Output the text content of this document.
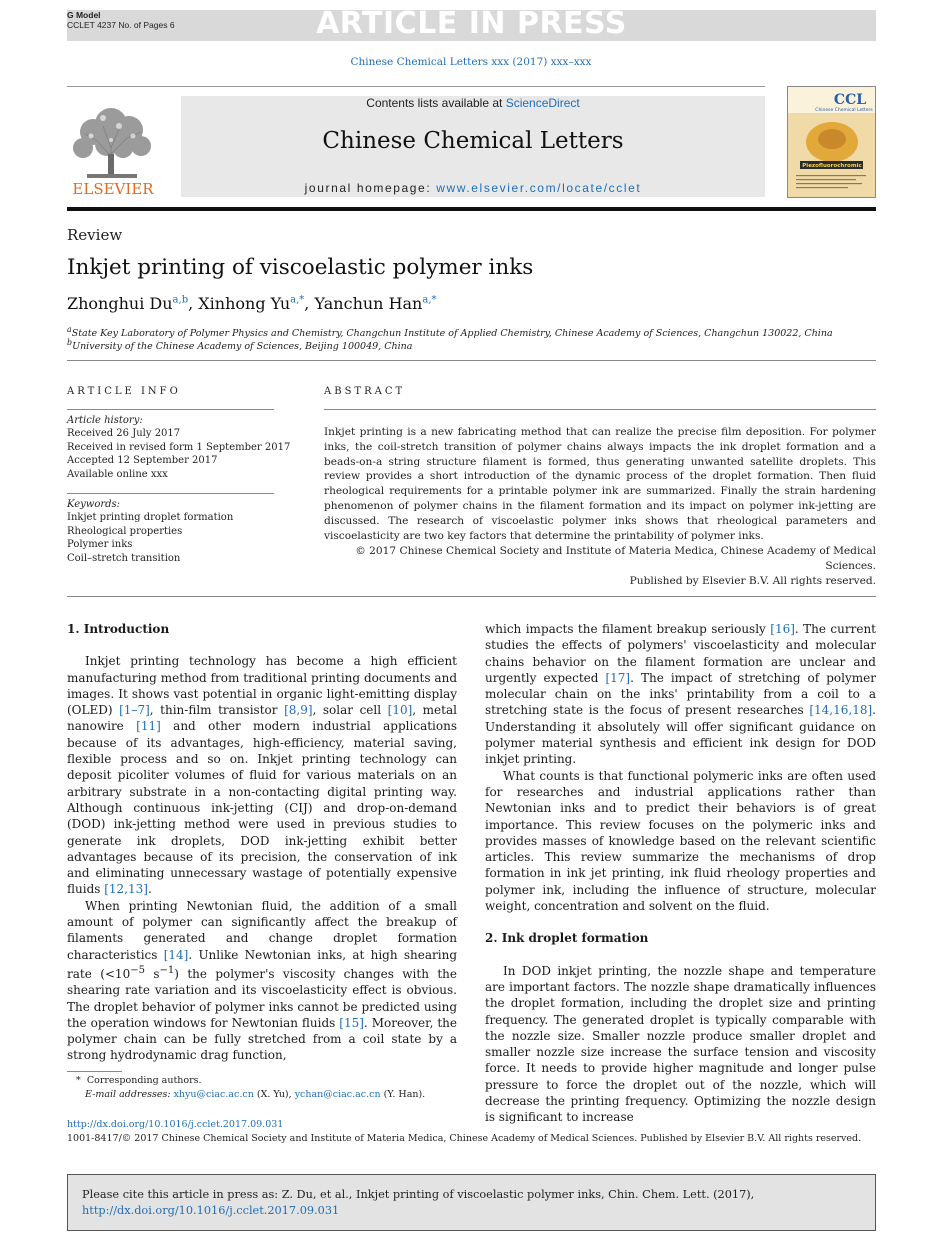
ARTICLE IN PRESS
G Model
CCLET 4237 No. of Pages 6
Chinese Chemical Letters xxx (2017) xxx–xxx
ELSEVIER
Contents lists available at ScienceDirect
Chinese Chemical Letters
journal homepage: www.elsevier.com/locate/cclet
CCL
Chinese Chemical Letters
Piezofluorochromic
Review
Inkjet printing of viscoelastic polymer inks
Zhonghui Du$^{a,b}$, Xinhong $Yu^{a,*}$, Yanchun Han$^{a,*}$
$^a$State Key Laboratory of Polymer Physics and Chemistry, Changchun Institute of Applied Chemistry, Chinese Academy of Sciences, Changchun 130022, China
$^b$University of the Chinese Academy of Sciences, Beijing 100049, China
ARTICLE INFO	ABSTRACT
Article history:
Received 26 July 2017
Received in revised form 1 September 2017
Accepted 12 September 2017
Available online xxx
Keywords:
Inkjet printing droplet formation
Rheological properties
Polymer inks
Coil–stretch transition
Inkjet printing is a new fabricating method that can realize the precise film deposition. For polymer inks, the coil-stretch transition of polymer chains always impacts the ink droplet formation and a beads-on-a string structure filament is formed, thus generating unwanted satellite droplets. This review provides a short introduction of the dynamic process of the droplet formation. Then fluid rheological requirements for a printable polymer ink are summarized. Finally the strain hardening phenomenon of polymer chains in the filament formation and its impact on polymer ink-jetting are discussed. The research of viscoelastic polymer inks shows that rheological parameters and viscoelasticity are two key factors that determine the printability of polymer inks.
© 2017 Chinese Chemical Society and Institute of Materia Medica, Chinese Academy of Medical Sciences.
Published by Elsevier B.V. All rights reserved.
1. Introduction

Inkjet printing technology has become a high efficient manufacturing method from traditional printing documents and images. It shows vast potential in organic light-emitting display (OLED) [1–7], thin-film transistor [8,9], solar cell [10], metal nanowire [11] and other modern industrial applications because of its advantages, high-efficiency, material saving, flexible process and so on. Inkjet printing technology can deposit picoliter volumes of fluid for various materials on an arbitrary substrate in a non-contacting digital printing way. Although continuous ink-jetting (CIJ) and drop-on-demand (DOD) ink-jetting method were used in previous studies to generate ink droplets, DOD ink-jetting exhibit better advantages because of its precision, the conservation of ink and eliminating unnecessary wastage of potentially expensive fluids [12,13].

When printing Newtonian fluid, the addition of a small amount of polymer can significantly affect the breakup of filaments generated and change droplet formation characteristics [14]. Unlike Newtonian inks, at high shearing rate ($<10^{-5}$ $s^{-1}$) the polymer's viscosity changes with the shearing rate variation and its viscoelasticity effect is obvious. The droplet behavior of polymer inks cannot be predicted using the operation windows for Newtonian fluids [15]. Moreover, the polymer chain can be fully stretched from a coil state by a strong hydrodynamic drag function,

which impacts the filament breakup seriously [16]. The current studies the effects of polymers' viscoelasticity and molecular chains behavior on the filament formation are unclear and urgently expected [17]. The impact of stretching of polymer molecular chain on the inks' printability from a coil to a stretching state is the focus of present researches [14,16,18]. Understanding it absolutely will offer significant guidance on polymer material synthesis and efficient ink design for DOD inkjet printing.

What counts is that functional polymeric inks are often used for researches and industrial applications rather than Newtonian inks and to predict their behaviors is of great importance. This review focuses on the polymeric inks and provides masses of knowledge based on the relevant scientific articles. This review summarize the mechanisms of drop formation in ink jet printing, ink fluid rheology properties and polymer ink, including the influence of structure, molecular weight, concentration and solvent on the fluid.

2. Ink droplet formation

In DOD inkjet printing, the nozzle shape and temperature are important factors. The nozzle shape dramatically influences the droplet formation, including the droplet size and printing frequency. The generated droplet is typically comparable with the nozzle size. Smaller nozzle produce smaller droplet and smaller nozzle size increase the surface tension and viscosity force. It needs to provide higher magnitude and longer pulse pressure to force the droplet out of the nozzle, which will decrease the printing frequency. Optimizing the nozzle design is significant to increase

*  Corresponding authors.
E-mail addresses: xhyu@ciac.ac.cn (X. Yu), ychan@ciac.ac.cn (Y. Han).
http://dx.doi.org/10.1016/j.cclet.2017.09.031
1001-8417/© 2017 Chinese Chemical Society and Institute of Materia Medica, Chinese Academy of Medical Sciences. Published by Elsevier B.V. All rights reserved.
Please cite this article in press as: Z. Du, et al., Inkjet printing of viscoelastic polymer inks, Chin. Chem. Lett. (2017), http://dx.doi.org/10.1016/j.cclet.2017.09.031
